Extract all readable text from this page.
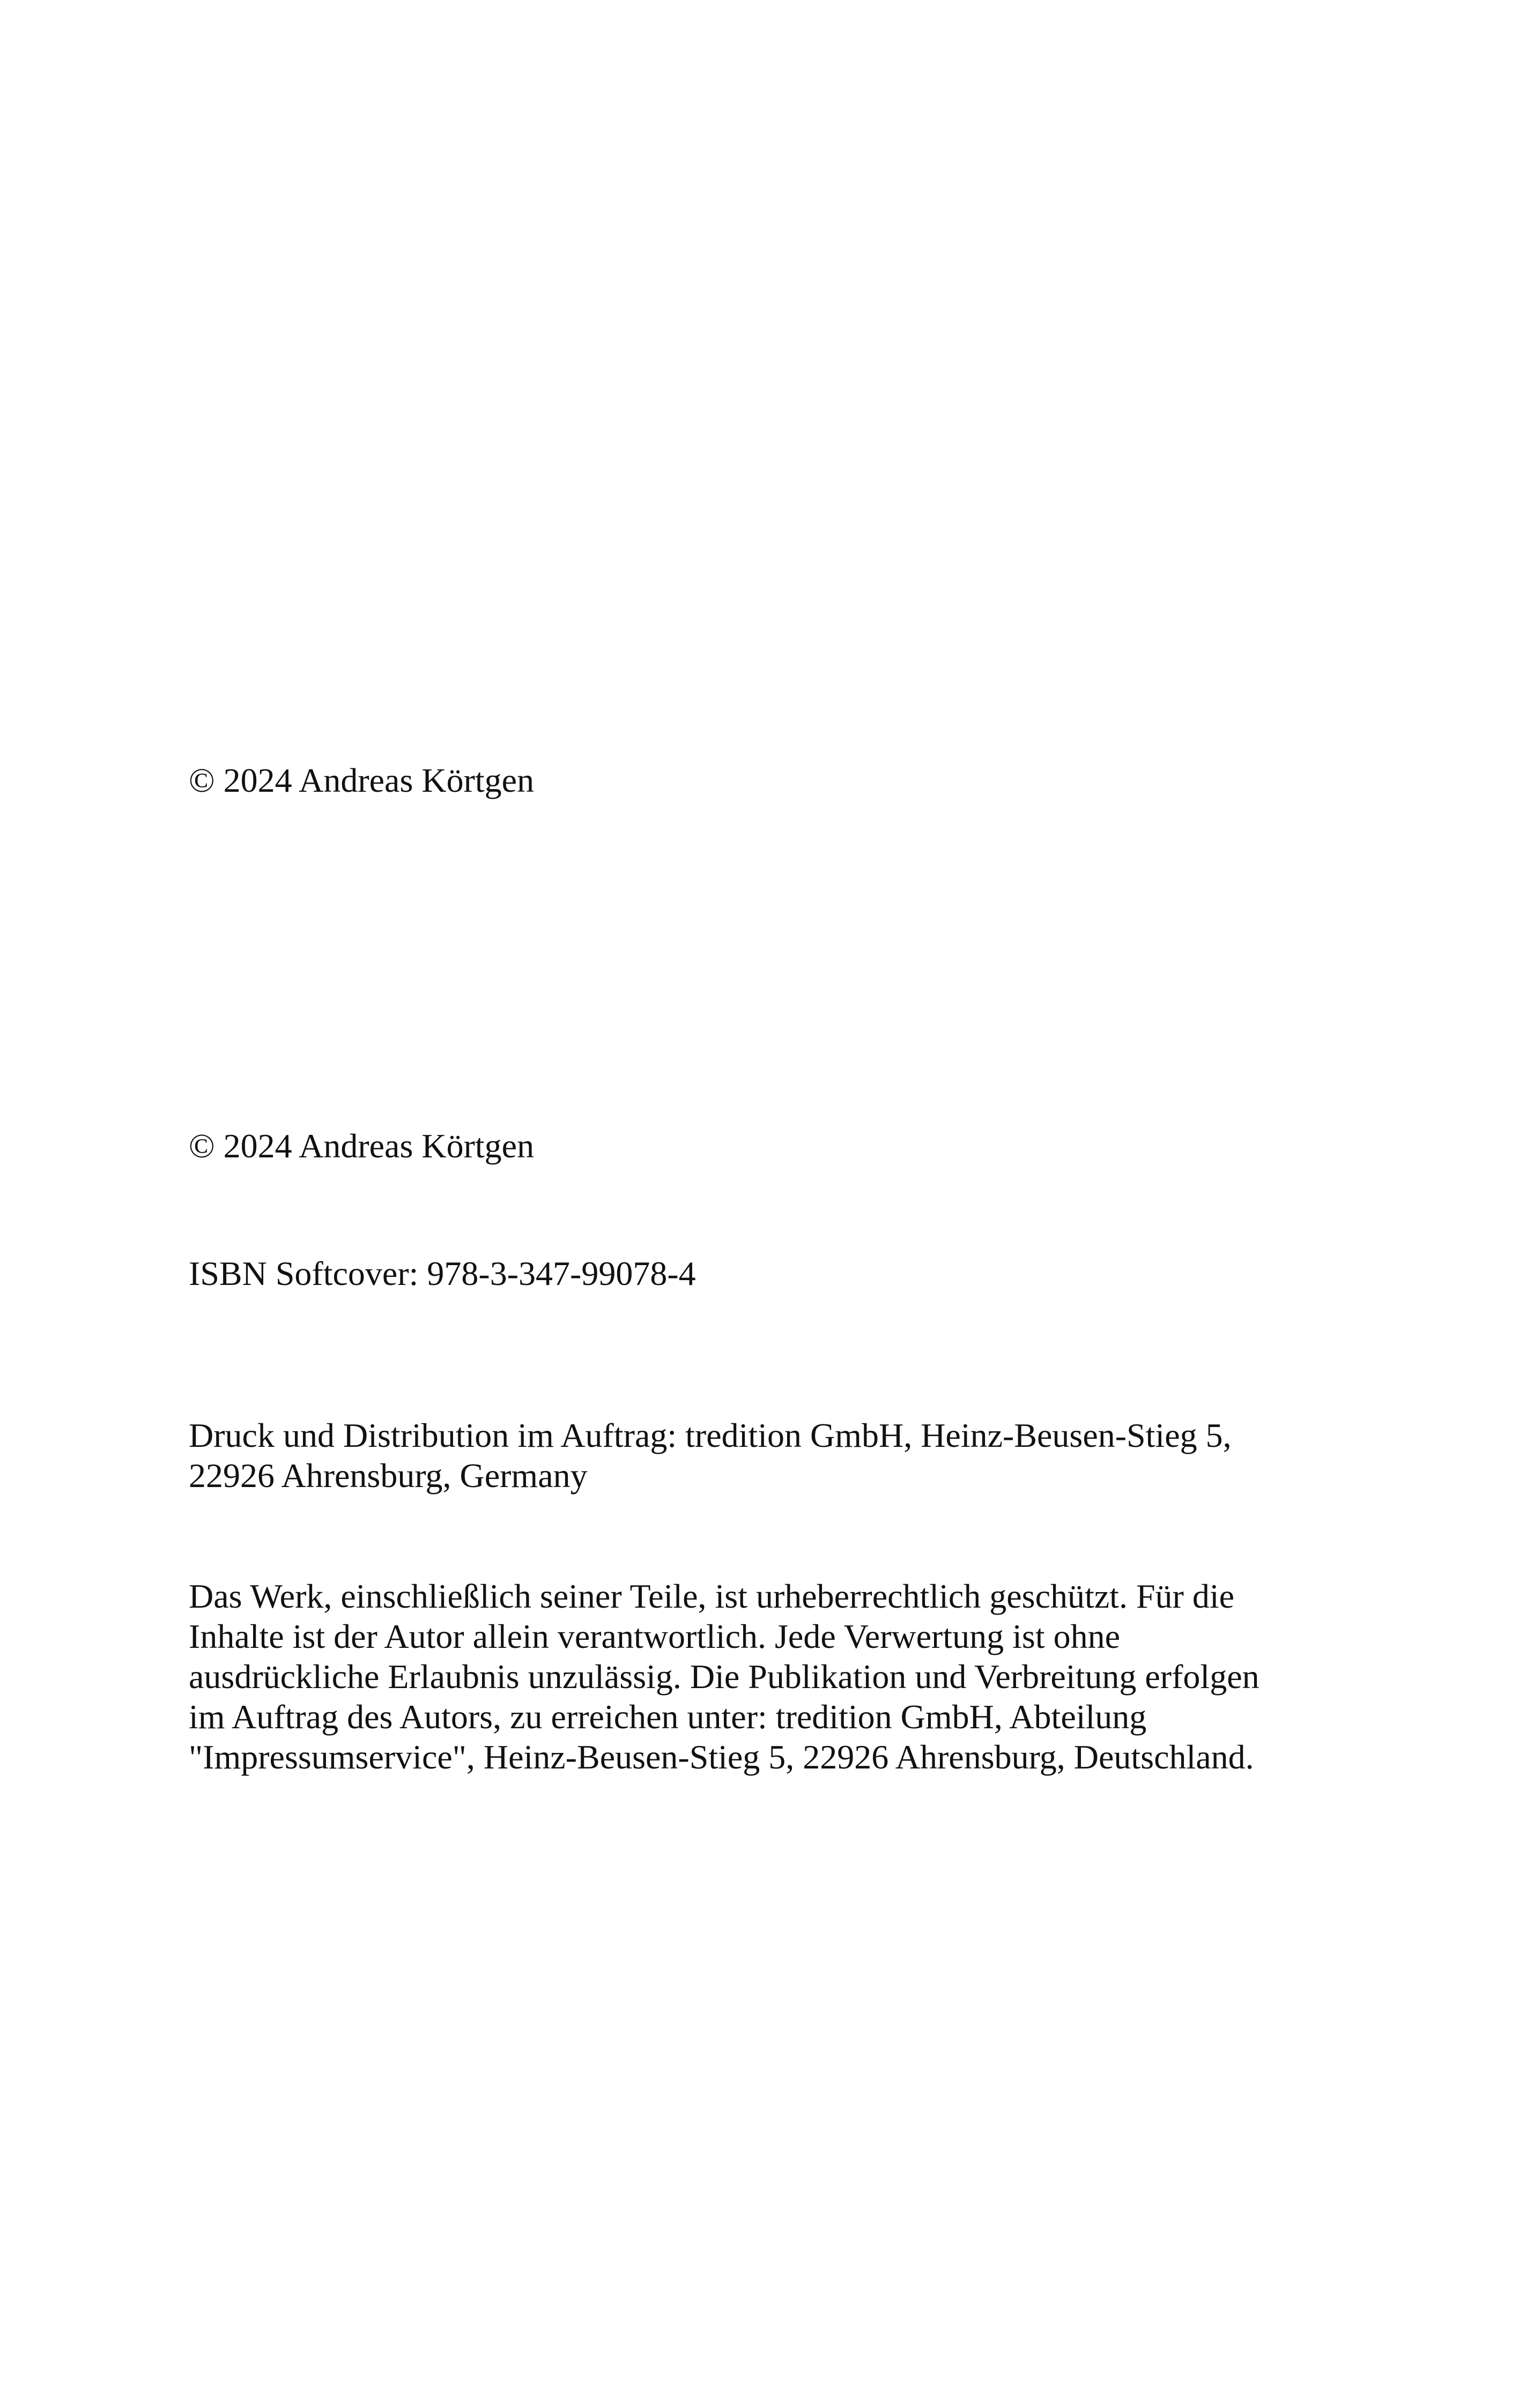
© 2024 Andreas Körtgen

© 2024 Andreas Körtgen

ISBN Softcover: 978-3-347-99078-4

Druck und Distribution im Auftrag: tredition GmbH, Heinz-Beusen-Stieg 5,
22926 Ahrensburg, Germany
Das Werk, einschließlich seiner Teile, ist urheberrechtlich geschützt. Für die
Inhalte ist der Autor allein verantwortlich. Jede Verwertung ist ohne
ausdrückliche Erlaubnis unzulässig. Die Publikation und Verbreitung erfolgen
im Auftrag des Autors, zu erreichen unter: tredition GmbH, Abteilung
"Impressumservice", Heinz-Beusen-Stieg 5, 22926 Ahrensburg, Deutschland.
